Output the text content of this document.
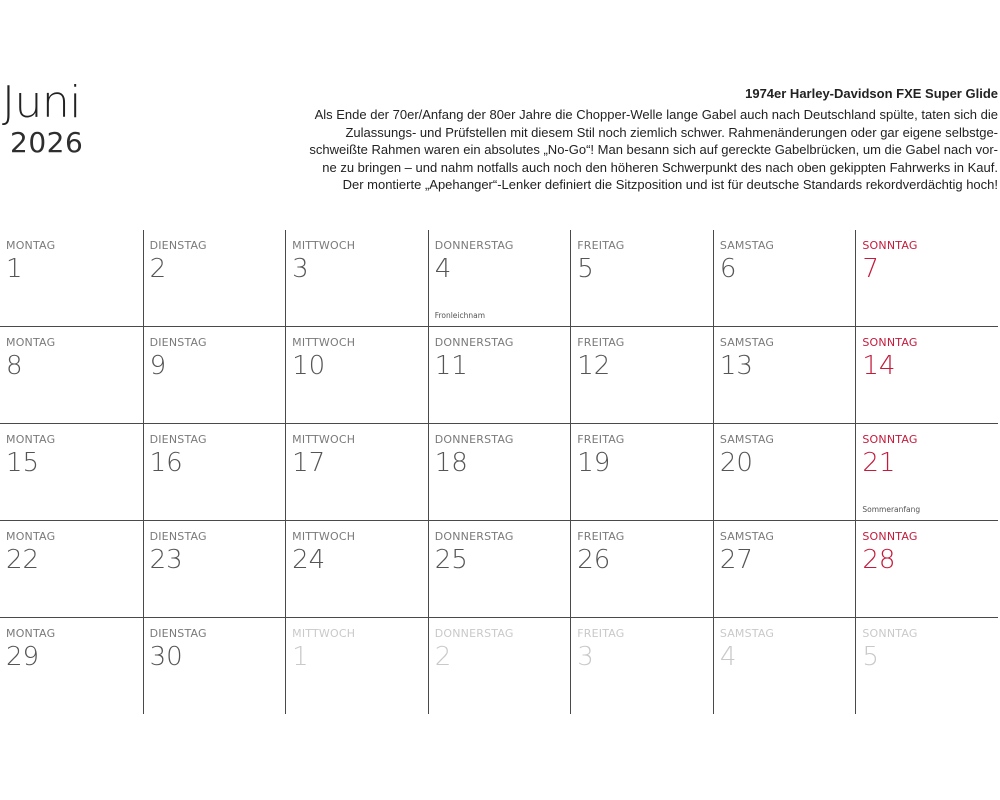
Juni
2026
1974er Harley-Davidson FXE Super Glide
Als Ende der 70er/Anfang der 80er Jahre die Chopper-Welle lange Gabel auch nach Deutschland spülte, taten sich die
Zulassungs- und Prüfstellen mit diesem Stil noch ziemlich schwer. Rahmenänderungen oder gar eigene selbstge-
schweißte Rahmen waren ein absolutes „No-Go“! Man besann sich auf gereckte Gabelbrücken, um die Gabel nach vor-
ne zu bringen – und nahm notfalls auch noch den höheren Schwerpunkt des nach oben gekippten Fahrwerks in Kauf.
Der montierte „Apehanger“-Lenker definiert die Sitzposition und ist für deutsche Standards rekordverdächtig hoch!
MONTAG
1
DIENSTAG
2
MITTWOCH
3
DONNERSTAG
4
Fronleichnam
FREITAG
5
SAMSTAG
6
SONNTAG
7
MONTAG
8
DIENSTAG
9
MITTWOCH
10
DONNERSTAG
11
FREITAG
12
SAMSTAG
13
SONNTAG
14
MONTAG
15
DIENSTAG
16
MITTWOCH
17
DONNERSTAG
18
FREITAG
19
SAMSTAG
20
SONNTAG
21
Sommeranfang
MONTAG
22
DIENSTAG
23
MITTWOCH
24
DONNERSTAG
25
FREITAG
26
SAMSTAG
27
SONNTAG
28
MONTAG
29
DIENSTAG
30
MITTWOCH
1
DONNERSTAG
2
FREITAG
3
SAMSTAG
4
SONNTAG
5
